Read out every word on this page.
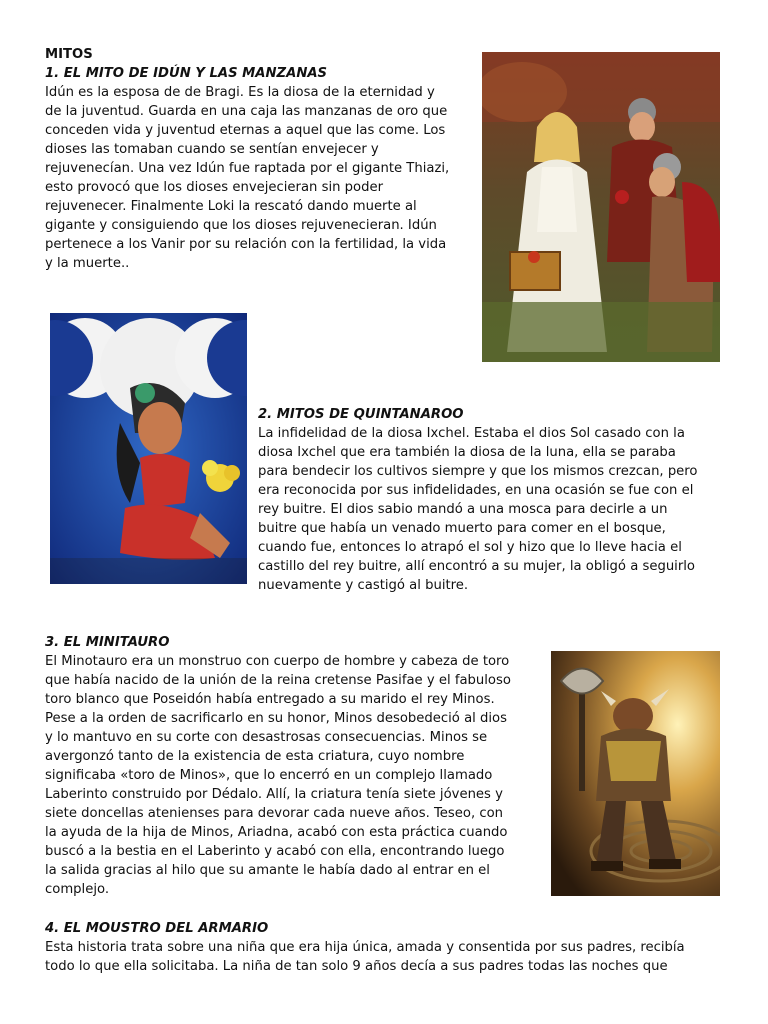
MITOS
1. EL MITO DE IDÚN Y LAS MANZANAS
Idún es la esposa de de Bragi. Es la diosa de la eternidad y
de la juventud. Guarda en una caja las manzanas de oro que
conceden vida y juventud eternas a aquel que las come. Los
dioses las tomaban cuando se sentían envejecer y
rejuvenecían. Una vez Idún fue raptada por el gigante Thiazi,
esto provocó que los dioses envejecieran sin poder
rejuvenecer. Finalmente Loki la rescató dando muerte al
gigante y consiguiendo que los dioses rejuvenecieran. Idún
pertenece a los Vanir por su relación con la fertilidad, la vida
y la muerte..
2. MITOS DE QUINTANAROO
La infidelidad de la diosa Ixchel. Estaba el dios Sol casado con la
diosa Ixchel que era también la diosa de la luna, ella se paraba
para bendecir los cultivos siempre y que los mismos crezcan, pero
era reconocida por sus infidelidades, en una ocasión se fue con el
rey buitre. El dios sabio mandó a una mosca para decirle a un
buitre que había un venado muerto para comer en el bosque,
cuando fue, entonces lo atrapó el sol y hizo que lo lleve hacia el
castillo del rey buitre, allí encontró a su mujer, la obligó a seguirlo
nuevamente y castigó al buitre.
3. EL MINITAURO
El Minotauro era un monstruo con cuerpo de hombre y cabeza de toro
que había nacido de la unión de la reina cretense Pasifae y el fabuloso
toro blanco que Poseidón había entregado a su marido el rey Minos.
Pese a la orden de sacrificarlo en su honor, Minos desobedeció al dios
y lo mantuvo en su corte con desastrosas consecuencias. Minos se
avergonzó tanto de la existencia de esta criatura, cuyo nombre
significaba «toro de Minos», que lo encerró en un complejo llamado
Laberinto construido por Dédalo. Allí, la criatura tenía siete jóvenes y
siete doncellas atenienses para devorar cada nueve años. Teseo, con
la ayuda de la hija de Minos, Ariadna, acabó con esta práctica cuando
buscó a la bestia en el Laberinto y acabó con ella, encontrando luego
la salida gracias al hilo que su amante le había dado al entrar en el
complejo.
4. EL MOUSTRO DEL ARMARIO
Esta historia trata sobre una niña que era hija única, amada y consentida por sus padres, recibía
todo lo que ella solicitaba. La niña de tan solo 9 años decía a sus padres todas las noches que
